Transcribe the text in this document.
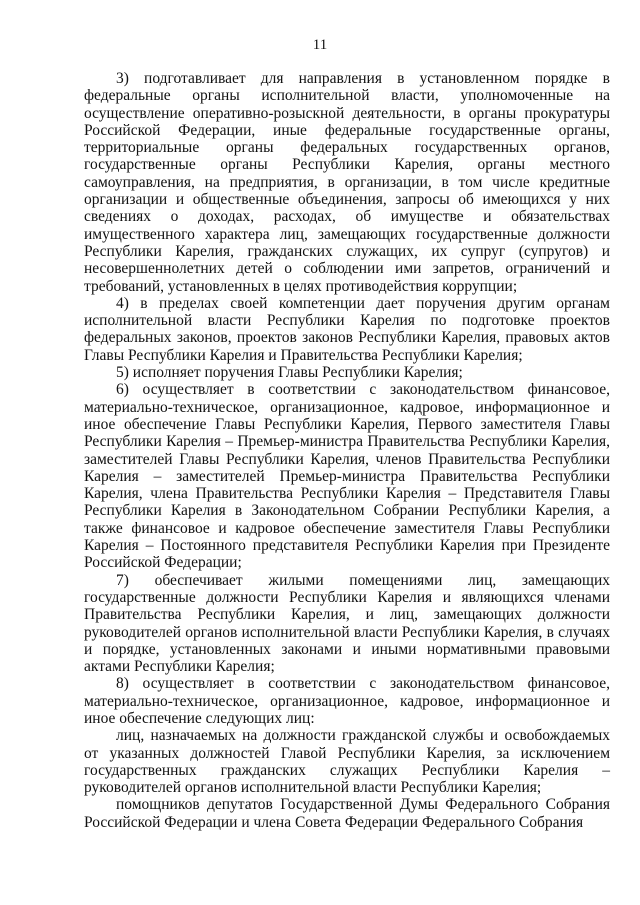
11

3) подготавливает для направления в установленном порядке в федеральные органы исполнительной власти, уполномоченные на осуществление оперативно-розыскной деятельности, в органы прокуратуры Российской Федерации, иные федеральные государственные органы, территориальные органы федеральных государственных органов, государственные органы Республики Карелия, органы местного самоуправления, на предприятия, в организации, в том числе кредитные организации и общественные объединения, запросы об имеющихся у них сведениях о доходах, расходах, об имуществе и обязательствах имущественного характера лиц, замещающих государственные должности Республики Карелия, гражданских служащих, их супруг (супругов) и несовершеннолетних детей о соблюдении ими запретов, ограничений и требований, установленных в целях противодействия коррупции;

4) в пределах своей компетенции дает поручения другим органам исполнительной власти Республики Карелия по подготовке проектов федеральных законов, проектов законов Республики Карелия, правовых актов Главы Республики Карелия и Правительства Республики Карелия;

5) исполняет поручения Главы Республики Карелия;

6) осуществляет в соответствии с законодательством финансовое, материально-техническое, организационное, кадровое, информационное и иное обеспечение Главы Республики Карелия, Первого заместителя Главы Республики Карелия – Премьер-министра Правительства Республики Карелия, заместителей Главы Республики Карелия, членов Правительства Республики Карелия – заместителей Премьер-министра Правительства Республики Карелия, члена Правительства Республики Карелия – Представителя Главы Республики Карелия в Законодательном Собрании Республики Карелия, а также финансовое и кадровое обеспечение заместителя Главы Республики Карелия – Постоянного представителя Республики Карелия при Президенте Российской Федерации;

7) обеспечивает жилыми помещениями лиц, замещающих государственные должности Республики Карелия и являющихся членами Правительства Республики Карелия, и лиц, замещающих должности руководителей органов исполнительной власти Республики Карелия, в случаях и порядке, установленных законами и иными нормативными правовыми актами Республики Карелия;

8) осуществляет в соответствии с законодательством финансовое, материально-техническое, организационное, кадровое, информационное и иное обеспечение следующих лиц:

лиц, назначаемых на должности гражданской службы и освобождаемых от указанных должностей Главой Республики Карелия, за исключением государственных гражданских служащих Республики Карелия – руководителей органов исполнительной власти Республики Карелия;

помощников депутатов Государственной Думы Федерального Собрания Российской Федерации и члена Совета Федерации Федерального Собрания
